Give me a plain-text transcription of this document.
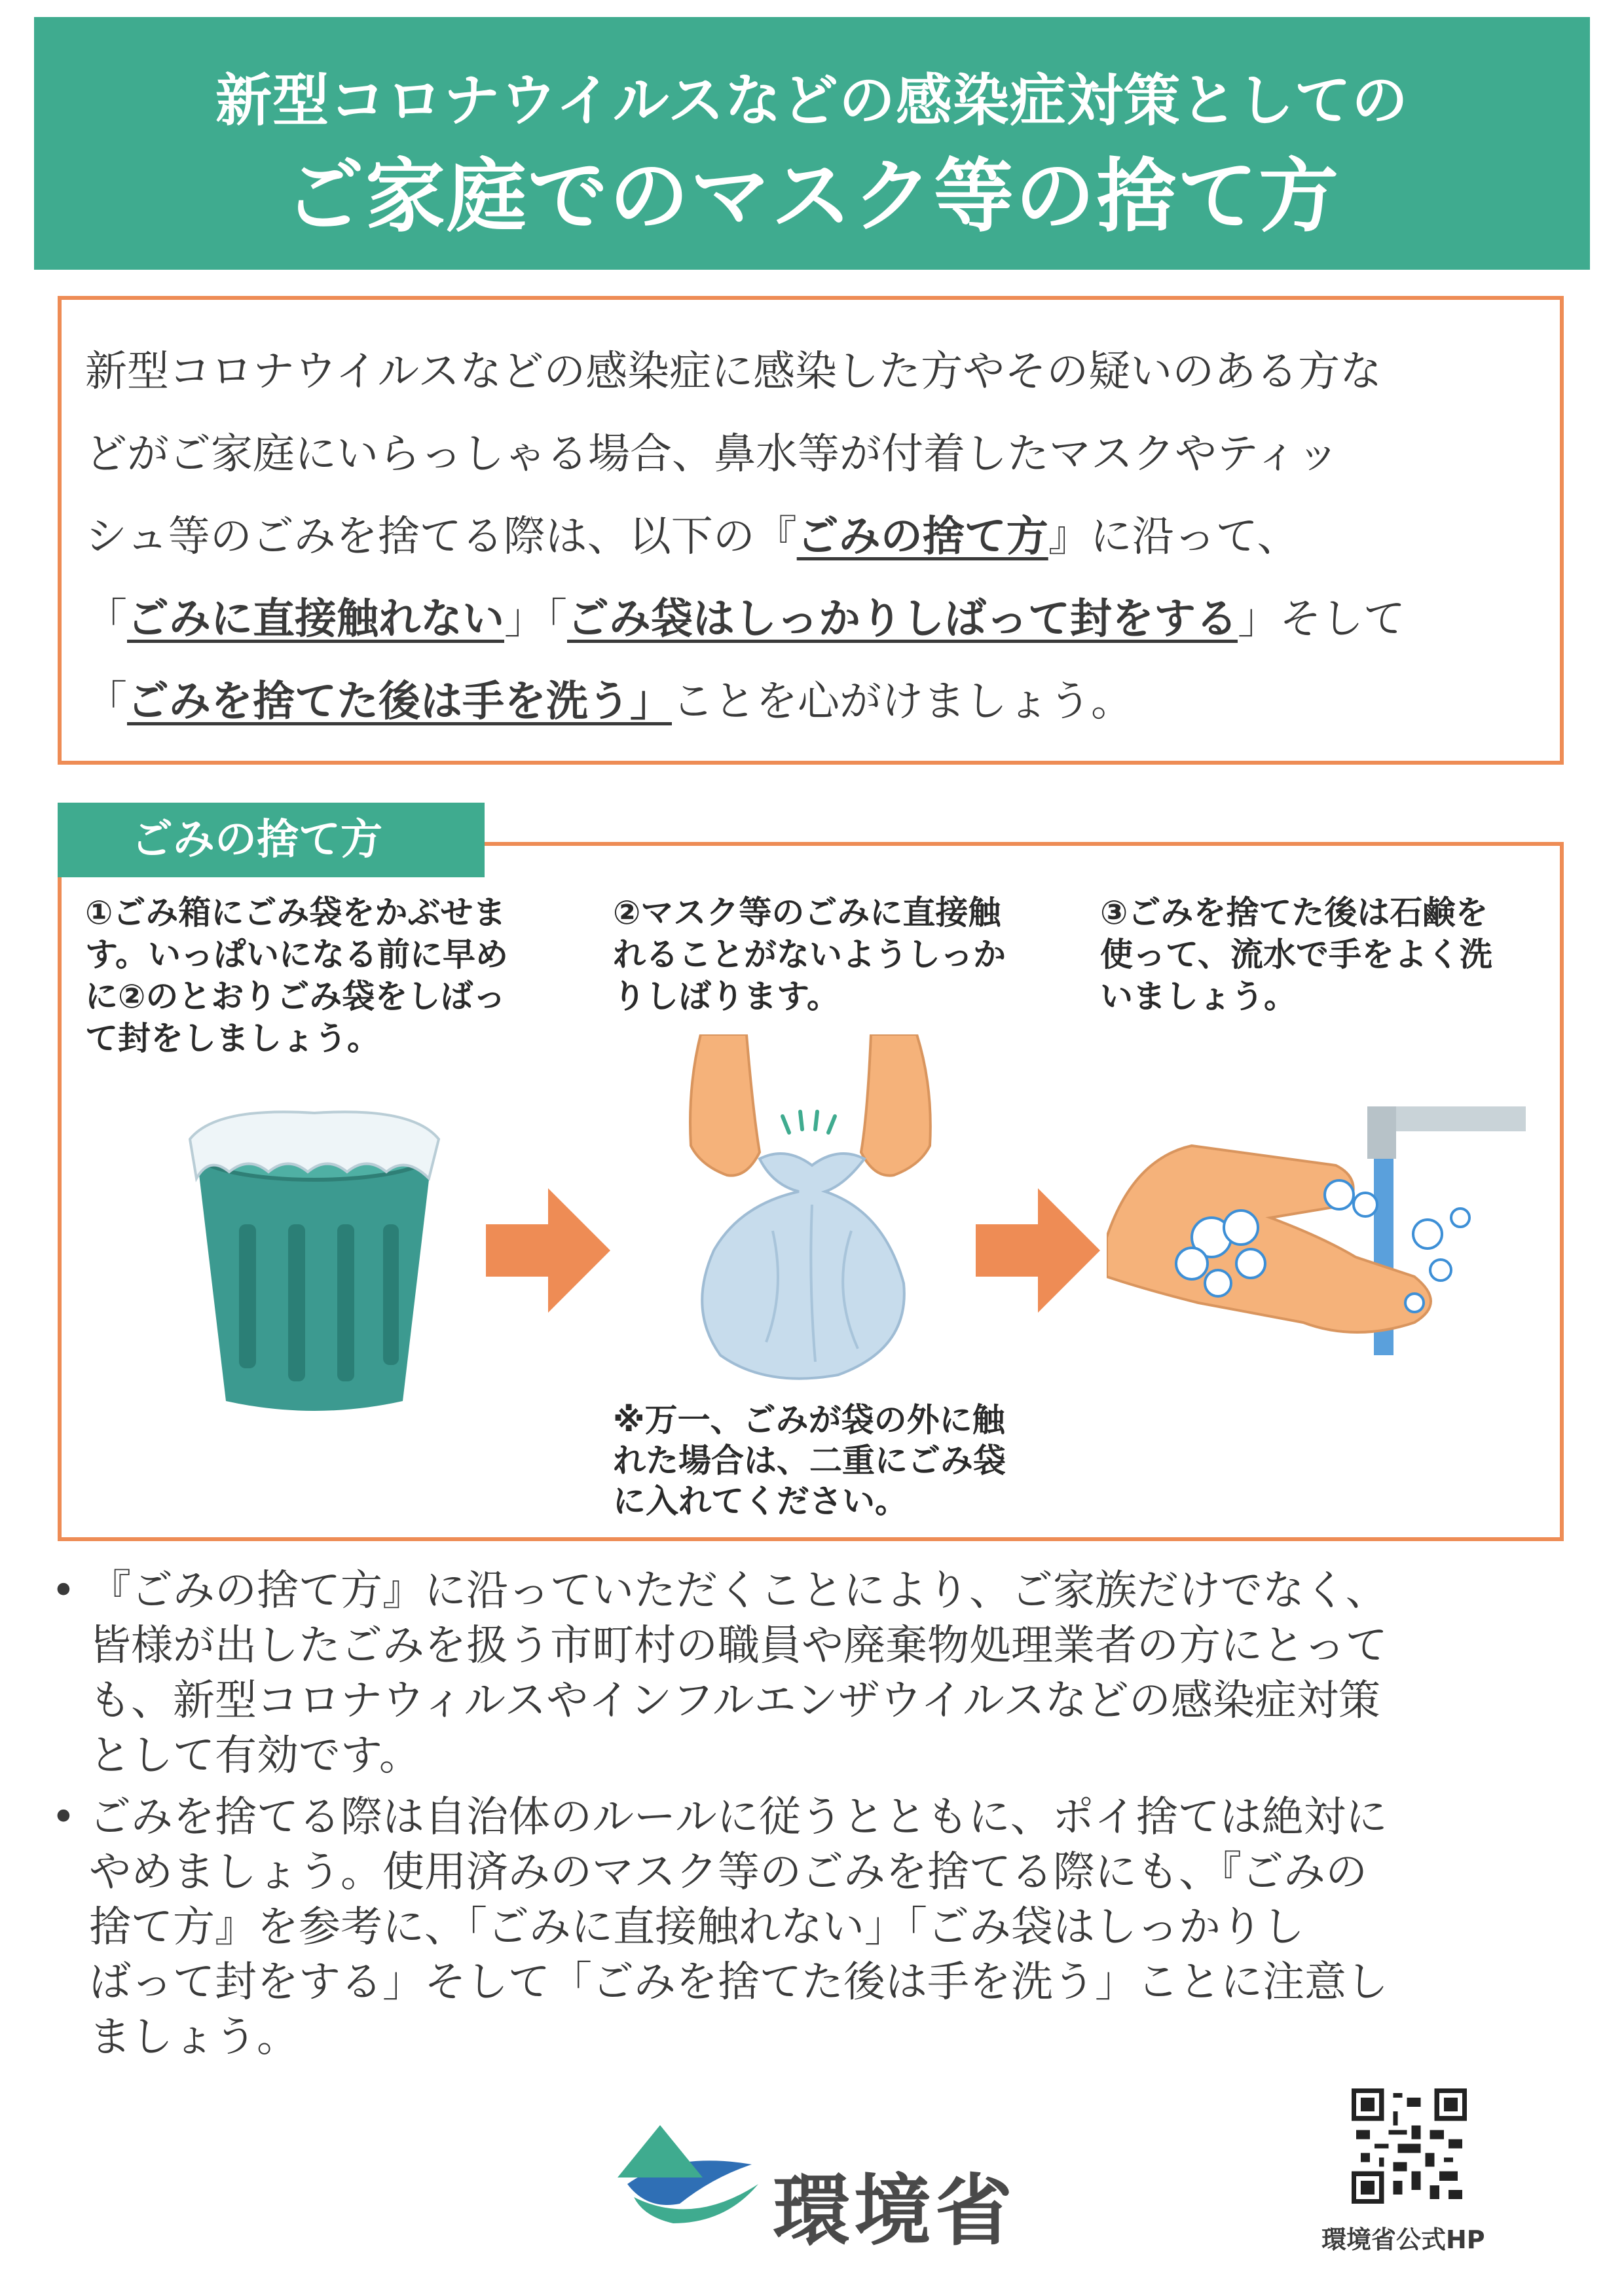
新型コロナウイルスなどの感染症対策としての
ご家庭でのマスク等の捨て方

新型コロナウイルスなどの感染症に感染した方やその疑いのある方な

どがご家庭にいらっしゃる場合、鼻水等が付着したマスクやティッ

シュ等のごみを捨てる際は、以下の『ごみの捨て方』に沿って、

「ごみに直接触れない」「ごみ袋はしっかりしばって封をする」そして

「ごみを捨てた後は手を洗う」ことを心がけましょう。

ごみの捨て方

①ごみ箱にごみ袋をかぶせま

す。いっぱいになる前に早め

に②のとおりごみ袋をしばっ

て封をしましょう。

②マスク等のごみに直接触

れることがないようしっか

りしばります。

③ごみを捨てた後は石鹸を

使って、流水で手をよく洗

いましょう。

※万一、ごみが袋の外に触

れた場合は、二重にごみ袋

に入れてください。

• 『ごみの捨て方』に沿っていただくことにより、ご家族だけでなく、

皆様が出したごみを扱う市町村の職員や廃棄物処理業者の方にとって

も、新型コロナウィルスやインフルエンザウイルスなどの感染症対策

として有効です。

• ごみを捨てる際は自治体のルールに従うとともに、ポイ捨ては絶対に

やめましょう。使用済みのマスク等のごみを捨てる際にも、『ごみの

捨て方』を参考に、「ごみに直接触れない」「ごみ袋はしっかりし

ばって封をする」そして「ごみを捨てた後は手を洗う」ことに注意し

ましょう。

環境省	環境省公式HP
